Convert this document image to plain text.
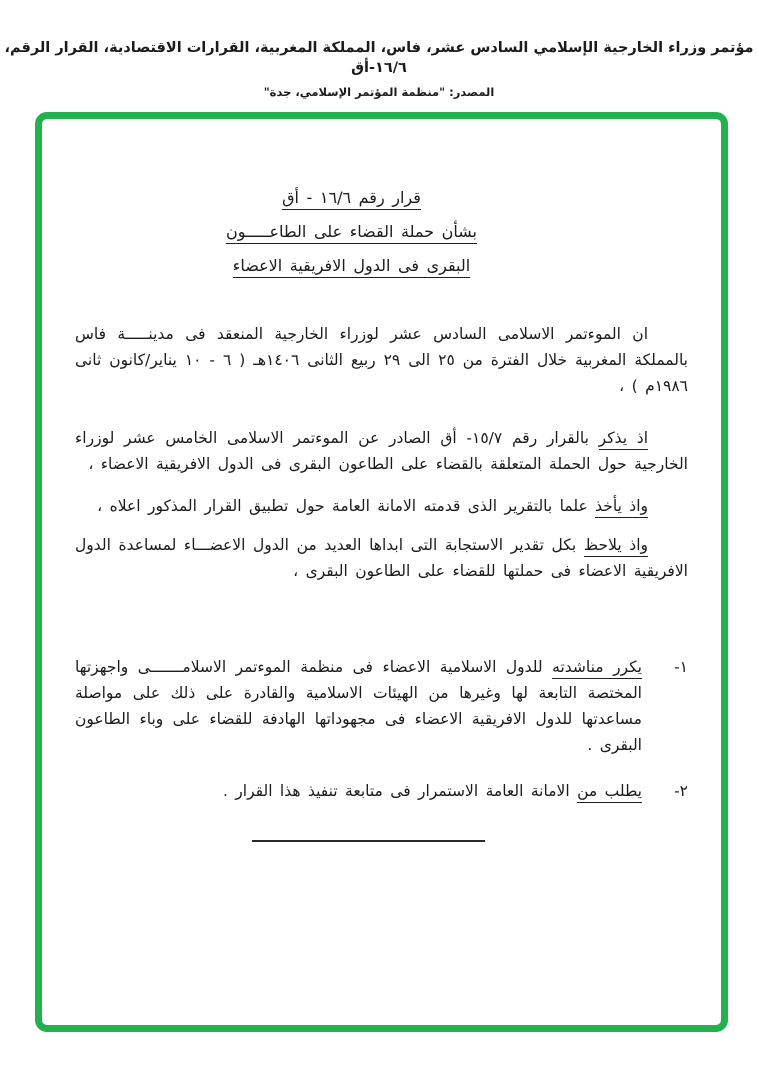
مؤتمر وزراء الخارجية الإسلامي السادس عشر، فاس، المملكة المغربية، القرارات الاقتصادية، القرار الرقم، ١٦/٦-أق
المصدر: "منظمة المؤتمر الإسلامي، جدة"
قرار رقم ١٦/٦ - أق
بشأن حملة القضاء على الطاعـــــون
البقرى فى الدول الافريقية الاعضاء

ان الموءتمر الاسلامى السادس عشر لوزراء الخارجية المنعقد فى مدينـــــة فاس بالمملكة المغربية خلال الفترة من ٢٥ الى ٢٩ ربيع الثانى ١٤٠٦هـ ( ٦ - ١٠ يناير/كانون ثانى ١٩٨٦م ) ،

اذ يذكر بالقرار رقم ١٥/٧- أق الصادر عن الموءتمر الاسلامى الخامس عشر لوزراء الخارجية حول الحملة المتعلقة بالقضاء على الطاعون البقرى فى الدول الافريقية الاعضاء ،

واذ يأخذ علما بالتقرير الذى قدمته الامانة العامة حول تطبيق القرار المذكور اعلاه ،

واذ يلاحظ بكل تقدير الاستجابة التى ابداها العديد من الدول الاعضـــاء لمساعدة الدول الافريقية الاعضاء فى حملتها للقضاء على الطاعون البقرى ،

١-
يكرر مناشدته للدول الاسلامية الاعضاء فى منظمة الموءتمر الاسلامـــــــى واجهزتها المختصة التابعة لها وغيرها من الهيئات الاسلامية والقادرة على ذلك على مواصلة مساعدتها للدول الافريقية الاعضاء فى مجهوداتها الهادفة للقضاء على وباء الطاعون البقرى .
٢-
يطلب من الامانة العامة الاستمرار فى متابعة تنفيذ هذا القرار .
